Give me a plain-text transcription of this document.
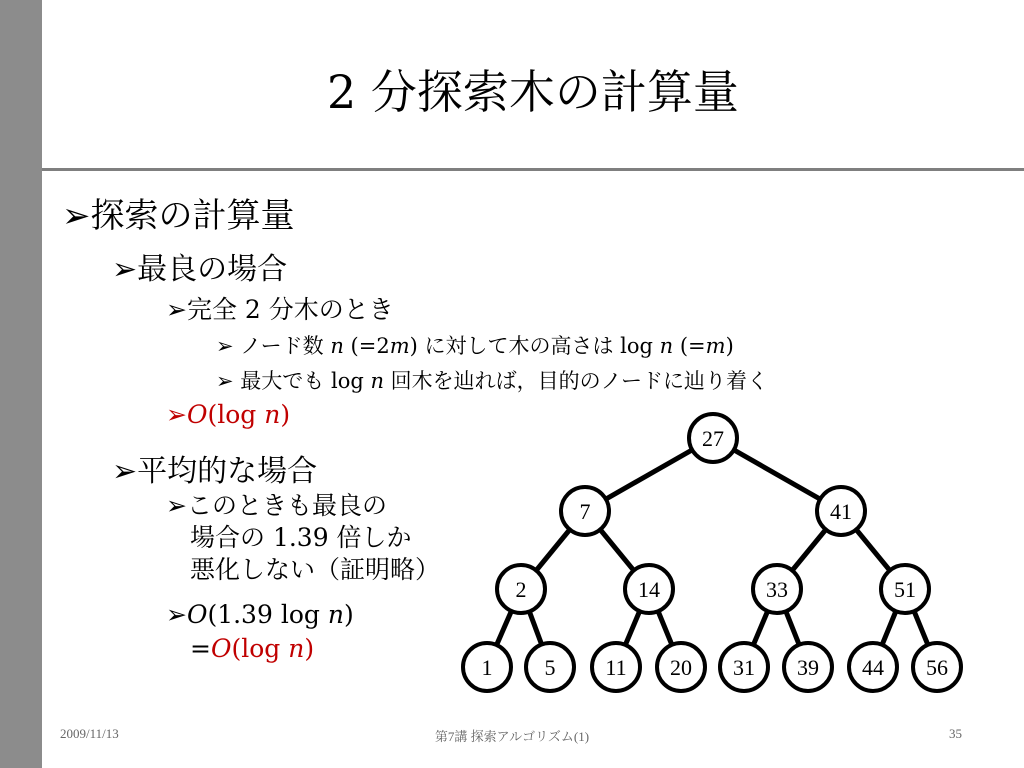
2 分探索木の計算量
➢探索の計算量
➢最良の場合
➢完全 2 分木のとき
➢ ノード数 n (=2m) に対して木の高さは log n (=m)
➢ 最大でも log n 回木を辿れば，目的のノードに辿り着く
➢O(log n)
➢平均的な場合
➢このときも最良の
場合の 1.39 倍しか
悪化しない（証明略）
➢O(1.39 log n)
=O(log n)
27
7	41
2	14	33	51
1 5 11 20 31 39 44 56
2009/11/13	第7講 探索アルゴリズム(1)	35
